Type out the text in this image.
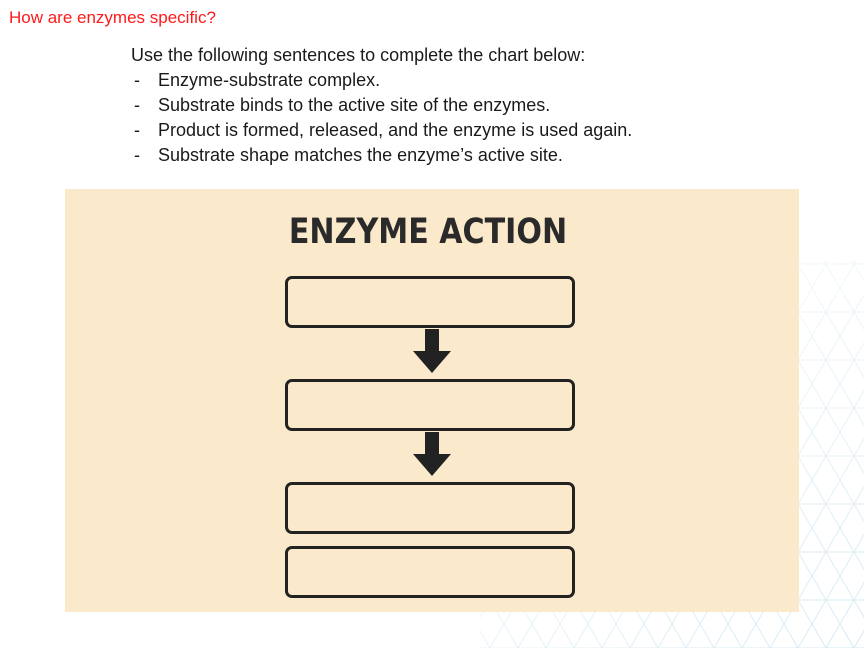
How are enzymes specific?
Use the following sentences to complete the chart below:
- Enzyme-substrate complex.
- Substrate binds to the active site of the enzymes.
- Product is formed, released, and the enzyme is used again.
- Substrate shape matches the enzyme’s active site.
ENZYME ACTION
